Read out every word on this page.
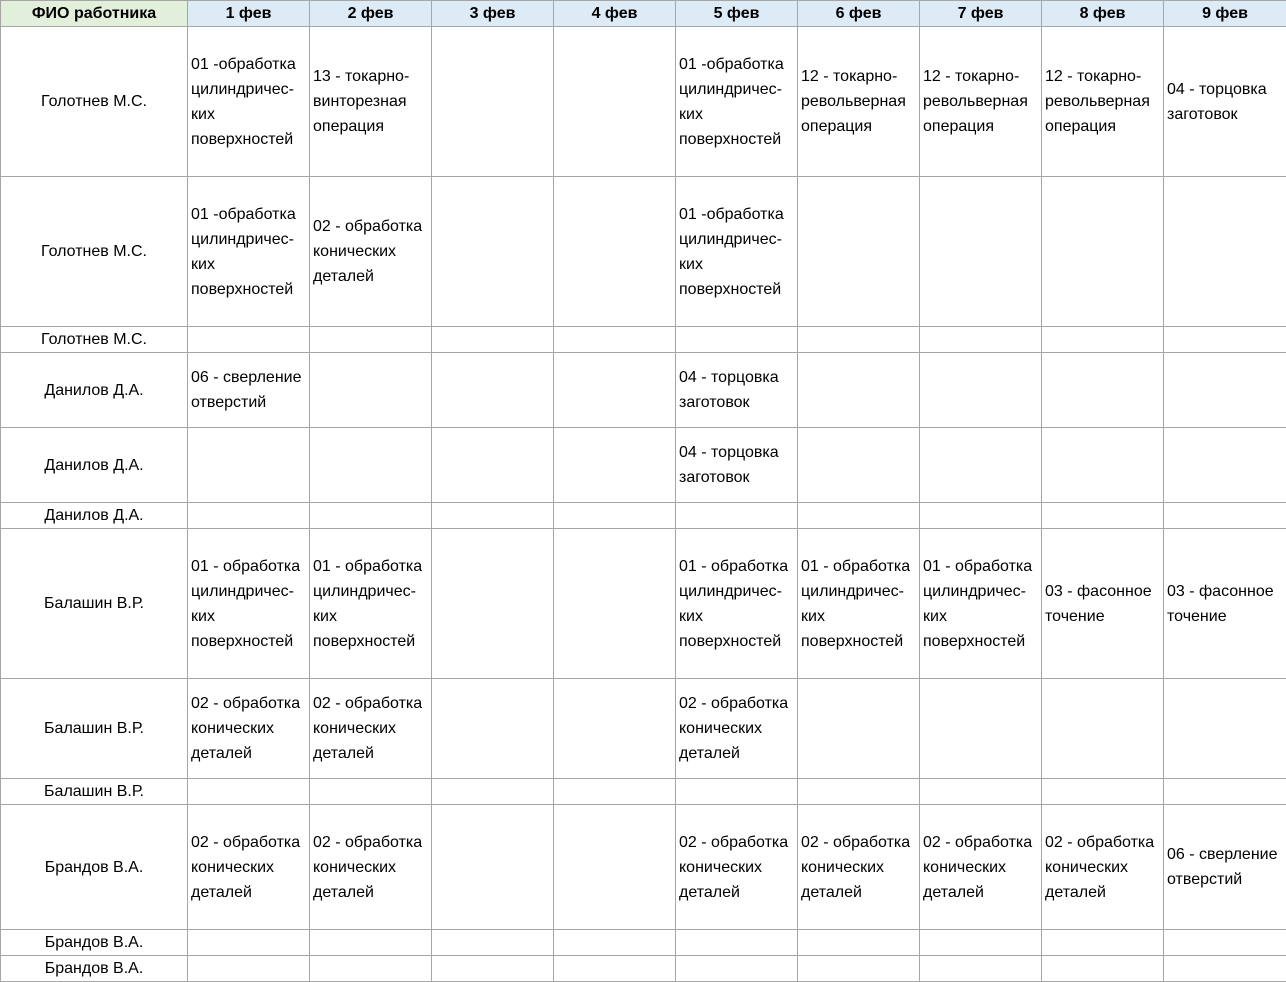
ФИО работника	1 фев	2 фев	3 фев	4 фев	5 фев	6 фев	7 фев	8 фев	9 фев
Голотнев М.С.	01 -обработка цилиндрических поверхностей	13 - токарно-винторезная операция			01 -обработка цилиндрических поверхностей	12 - токарно-револьверная операция	12 - токарно-револьверная операция	12 - токарно-револьверная операция	04 - торцовка заготовок
Голотнев М.С.	01 -обработка цилиндрических поверхностей	02 - обработка конических деталей			01 -обработка цилиндрических поверхностей				
Голотнев М.С.									
Данилов Д.А.	06 - сверление отверстий				04 - торцовка заготовок				
Данилов Д.А.					04 - торцовка заготовок				
Данилов Д.А.									
Балашин В.Р.	01 - обработка цилиндрических поверхностей	01 - обработка цилиндрических поверхностей			01 - обработка цилиндрических поверхностей	01 - обработка цилиндрических поверхностей	01 - обработка цилиндрических поверхностей	03 - фасонное точение	03 - фасонное точение
Балашин В.Р.	02 - обработка конических деталей	02 - обработка конических деталей			02 - обработка конических деталей				
Балашин В.Р.									
Брандов В.А.	02 - обработка конических деталей	02 - обработка конических деталей			02 - обработка конических деталей	02 - обработка конических деталей	02 - обработка конических деталей	02 - обработка конических деталей	06 - сверление отверстий
Брандов В.А.									
Брандов В.А.									
